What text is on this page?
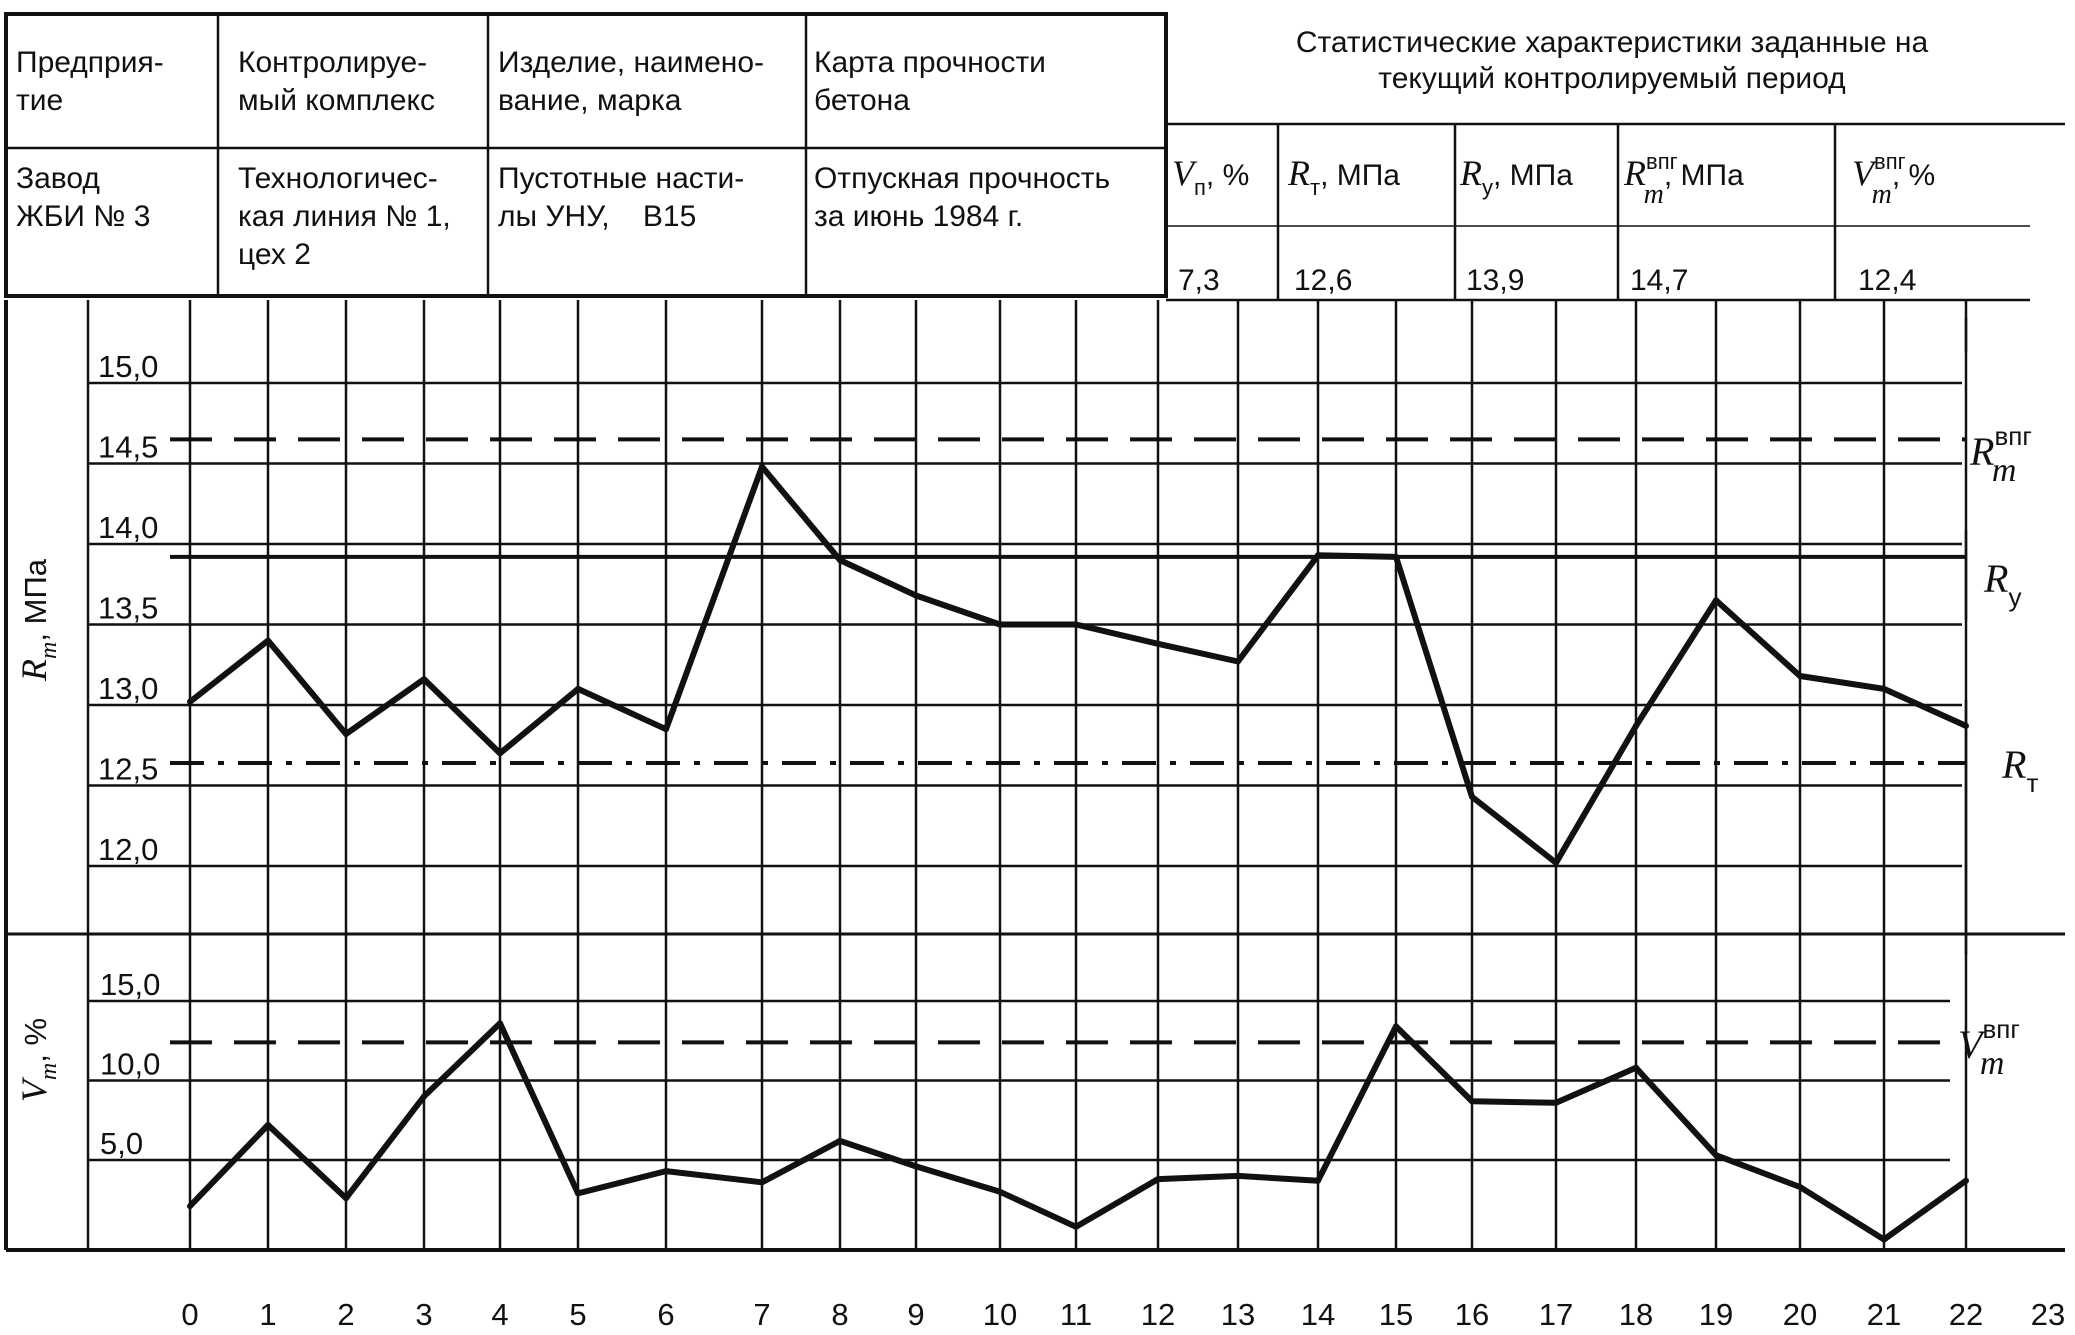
Предприя-
тие
Завод
ЖБИ № 3
Контролируе-
мый комплекс
Технологичес-
кая линия № 1,
цех 2
Изделие, наимено-
вание, марка
Пустотные насти-
лы УНУ,    В15
Карта прочности
бетона
Отпускная прочность
за июнь 1984 г.
Статистические характеристики заданные на
текущий контролируемый период
$V_п$, %
7,3
$R_т$, МПа
12,6
$R_у$, МПа
13,9
$R^{впг}$ m, МПа
14,7
$V^{впг}$ m, %
12,4
$R^{впг}$ m
$R_у$
$R_т$
$V^{впг}$ m
15,0
14,5
14,0
13,5
13,0
12,5
12,0
15,0
10,0
5,0
0 1 2 3 4 5 6	7 8 9 10 11 12 13 14 15 16 17 18 19 20 21 22 23
$R_m$, МПа
$V_m$, %
